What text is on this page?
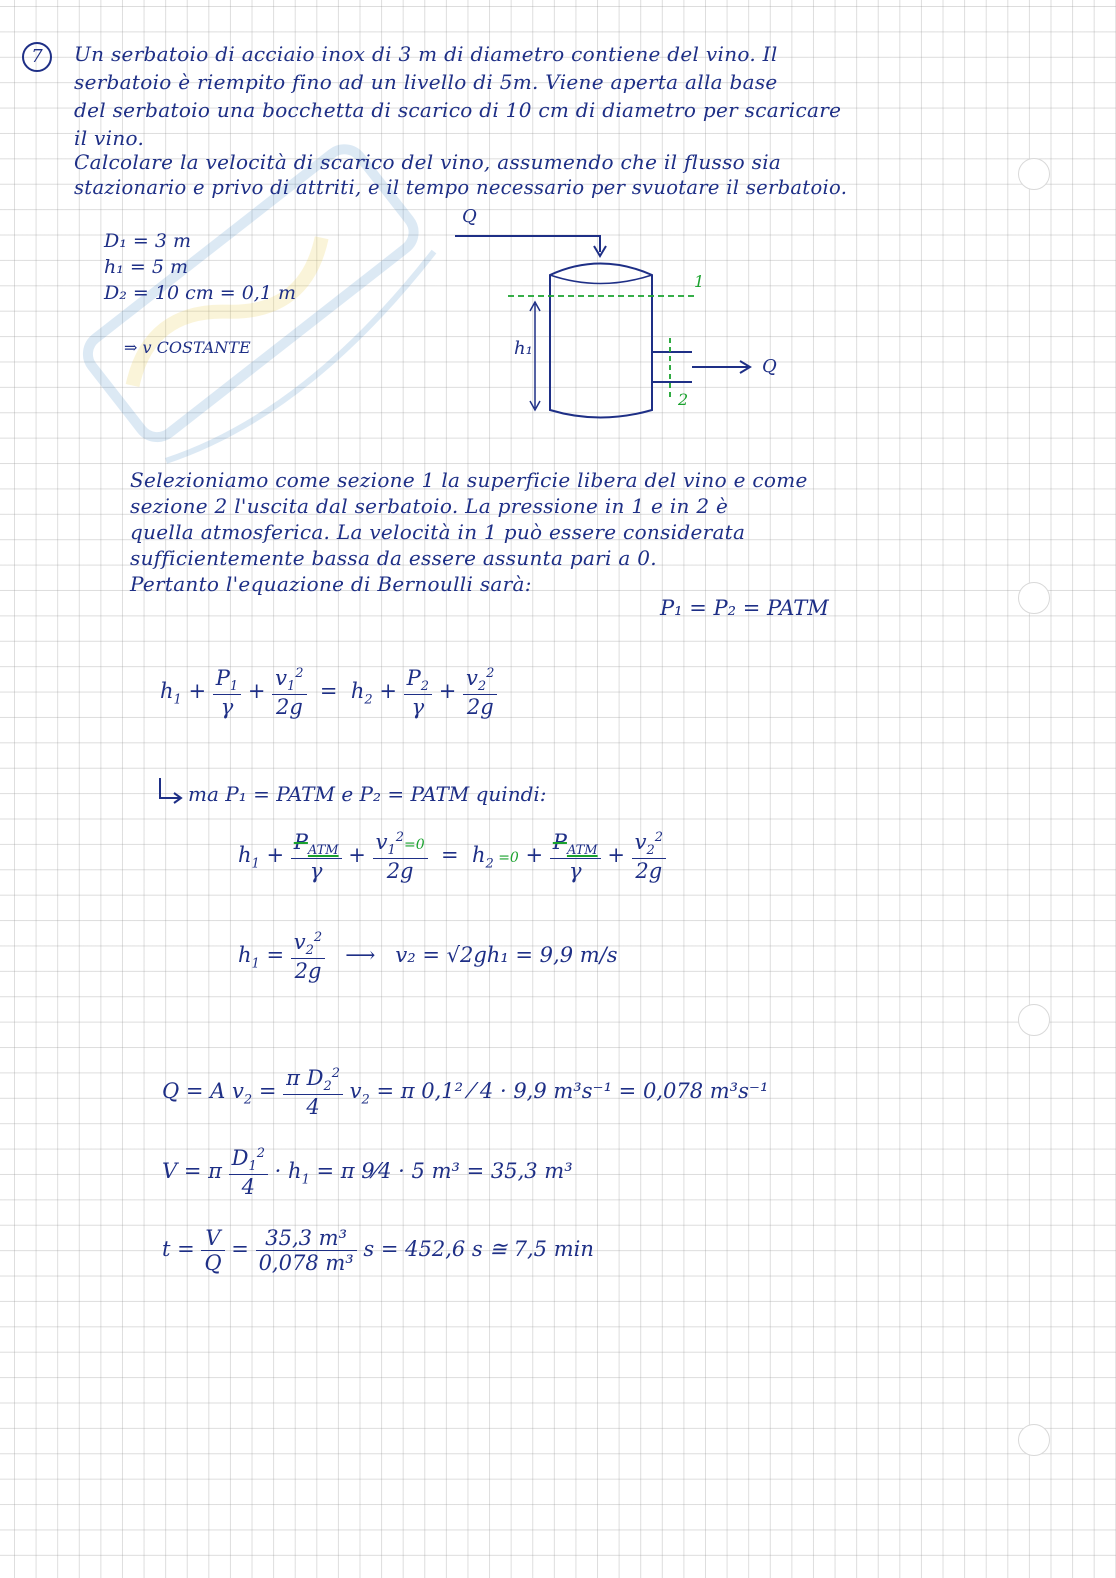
7	Un serbatoio di acciaio inox di 3 m di diametro contiene del vino. Il
serbatoio è riempito fino ad un livello di 5m. Viene aperta alla base
del serbatoio una bocchetta di scarico di 10 cm di diametro per scaricare
il vino.
Calcolare la velocità di scarico del vino, assumendo che il flusso sia
stazionario e privo di attriti, e il tempo necessario per svuotare il serbatoio.
D₁ = 3 m
h₁ = 5 m
D₂ = 10 cm = 0,1 m
⇒ v COSTANTE
Q
Q
1
2
h₁
Selezioniamo come sezione 1 la superficie libera del vino e come
sezione 2 l'uscita dal serbatoio. La pressione in 1 e in 2 è
quella atmosferica. La velocità in 1 può essere considerata
sufficientemente bassa da essere assunta pari a 0.
Pertanto l'equazione di Bernoulli sarà:
P₁ = P₂ = PATM
$h_1 + \frac{P_1}{\gamma} + \frac{v_1^2}{2g} = h_2 + \frac{P_2}{\gamma} + \frac{v_2^2}{2g}$
ma P₁ = PATM e P₂ = PATM quindi:
$h_1 + \frac{P_{ATM}}{\gamma} + \frac{v_1^2=0}{2g} = h_2 =0 + \frac{P_{ATM}}{\gamma} + \frac{v_2^2}{2g}$
$h_1 = \frac{v_2^2}{2g}$ ⟶   v₂ = √2gh₁ = 9,9 m/s
Q = A $v_2 = \frac{\pi D_2^2}{4} v_2 = \pi$ 0,1² ⁄ 4 · 9,9 m³s⁻¹ = 0,078 m³s⁻¹
V = π $\frac{D_1^2}{4} \cdot h_1 = \pi$ 9⁄4 · 5 m³ = 35,3 m³
$t = \frac{V}{Q} = \frac{\text{35,3 m³}}{\text{0,078 m³}}$ s = 452,6 s ≅ 7,5 min
